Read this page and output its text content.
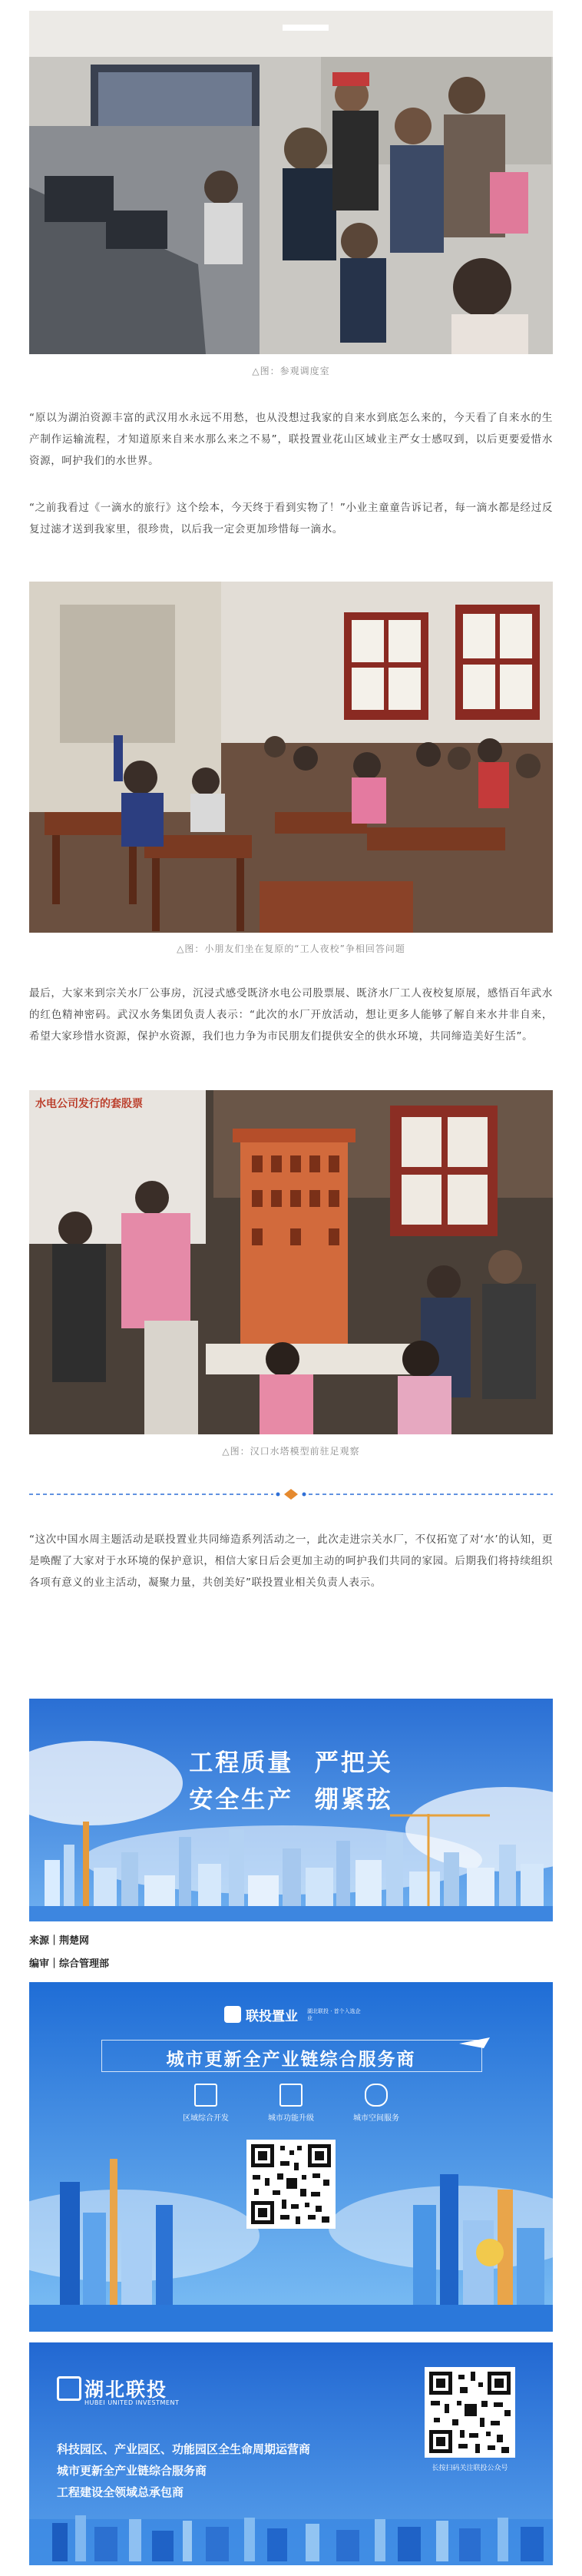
△图：参观调度室

“原以为湖泊资源丰富的武汉用水永远不用愁，也从没想过我家的自来水到底怎么来的，今天看了自来水的生产制作运输流程，才知道原来自来水那么来之不易”，联投置业花山区域业主严女士感叹到，以后更要爱惜水资源，呵护我们的水世界。

“之前我看过《一滴水的旅行》这个绘本，今天终于看到实物了！”小业主童童告诉记者，每一滴水都是经过反复过滤才送到我家里，很珍贵，以后我一定会更加珍惜每一滴水。

△图：小朋友们坐在复原的“工人夜校”争相回答问题

最后，大家来到宗关水厂公事房，沉浸式感受既济水电公司股票展、既济水厂工人夜校复原展，感悟百年武水的红色精神密码。武汉水务集团负责人表示：“此次的水厂开放活动，想让更多人能够了解自来水井非自来，希望大家珍惜水资源，保护水资源，我们也力争为市民朋友们提供安全的供水环境，共同缔造美好生活”。

水电公司发行的套股票
△图：汉口水塔模型前驻足观察

“这次中国水周主题活动是联投置业共同缔造系列活动之一，此次走进宗关水厂，不仅拓宽了对‘水’的认知，更是唤醒了大家对于水环境的保护意识，相信大家日后会更加主动的呵护我们共同的家园。后期我们将持续组织各项有意义的业主活动，凝聚力量，共创美好”联投置业相关负责人表示。

工程质量  严把关
安全生产  绷紧弦
来源｜荆楚网
编审｜综合管理部
联投置业 湖北联投 · 首个入选企业
城市更新全产业链综合服务商
区域综合开发	城市功能升级	城市空间服务
湖北联投
HUBEI UNITED INVESTMENT
科技园区、产业园区、功能园区全生命周期运营商
城市更新全产业链综合服务商
工程建设全领域总承包商
长按扫码关注联投公众号
